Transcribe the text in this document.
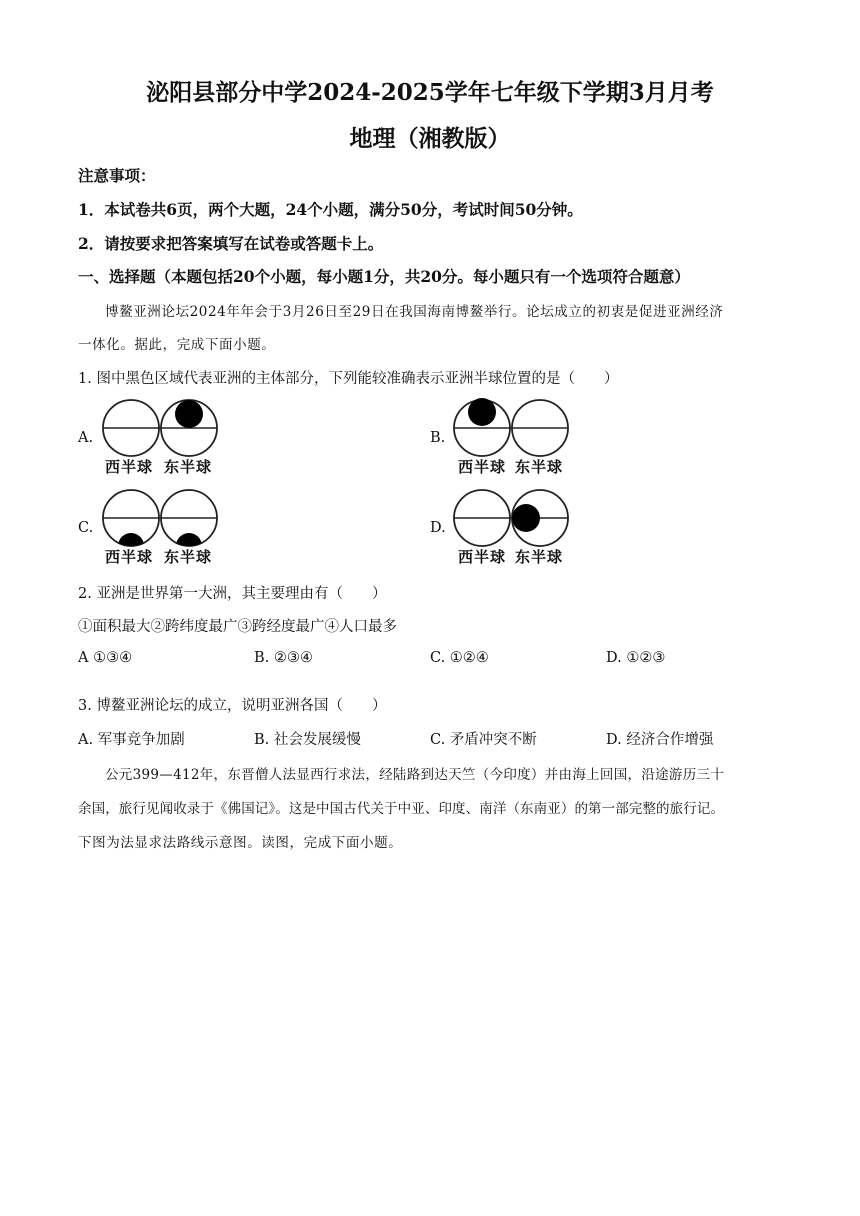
泌阳县部分中学2024-2025学年七年级下学期3月月考
地理（湘教版）
注意事项：
1．本试卷共6页，两个大题，24个小题，满分50分，考试时间50分钟。
2．请按要求把答案填写在试卷或答题卡上。
一、选择题（本题包括20个小题，每小题1分，共20分。每小题只有一个选项符合题意）
博鳌亚洲论坛2024年年会于3月26日至29日在我国海南博鳌举行。论坛成立的初衷是促进亚洲经济
一体化。据此，完成下面小题。
1. 图中黑色区域代表亚洲的主体部分，下列能较准确表示亚洲半球位置的是（　　）
A.
西半球 东半球
B.
西半球 东半球
C.
西半球 东半球
D.
西半球 东半球
2. 亚洲是世界第一大洲，其主要理由有（　　）
①面积最大②跨纬度最广③跨经度最广④人口最多
A ①③④	B. ②③④	C. ①②④	D. ①②③
3. 博鳌亚洲论坛的成立，说明亚洲各国（　　）
A. 军事竞争加剧	B. 社会发展缓慢	C. 矛盾冲突不断	D. 经济合作增强
公元399—412年，东晋僧人法显西行求法，经陆路到达天竺（今印度）并由海上回国，沿途游历三十
余国，旅行见闻收录于《佛国记》。这是中国古代关于中亚、印度、南洋（东南亚）的第一部完整的旅行记。
下图为法显求法路线示意图。读图，完成下面小题。
